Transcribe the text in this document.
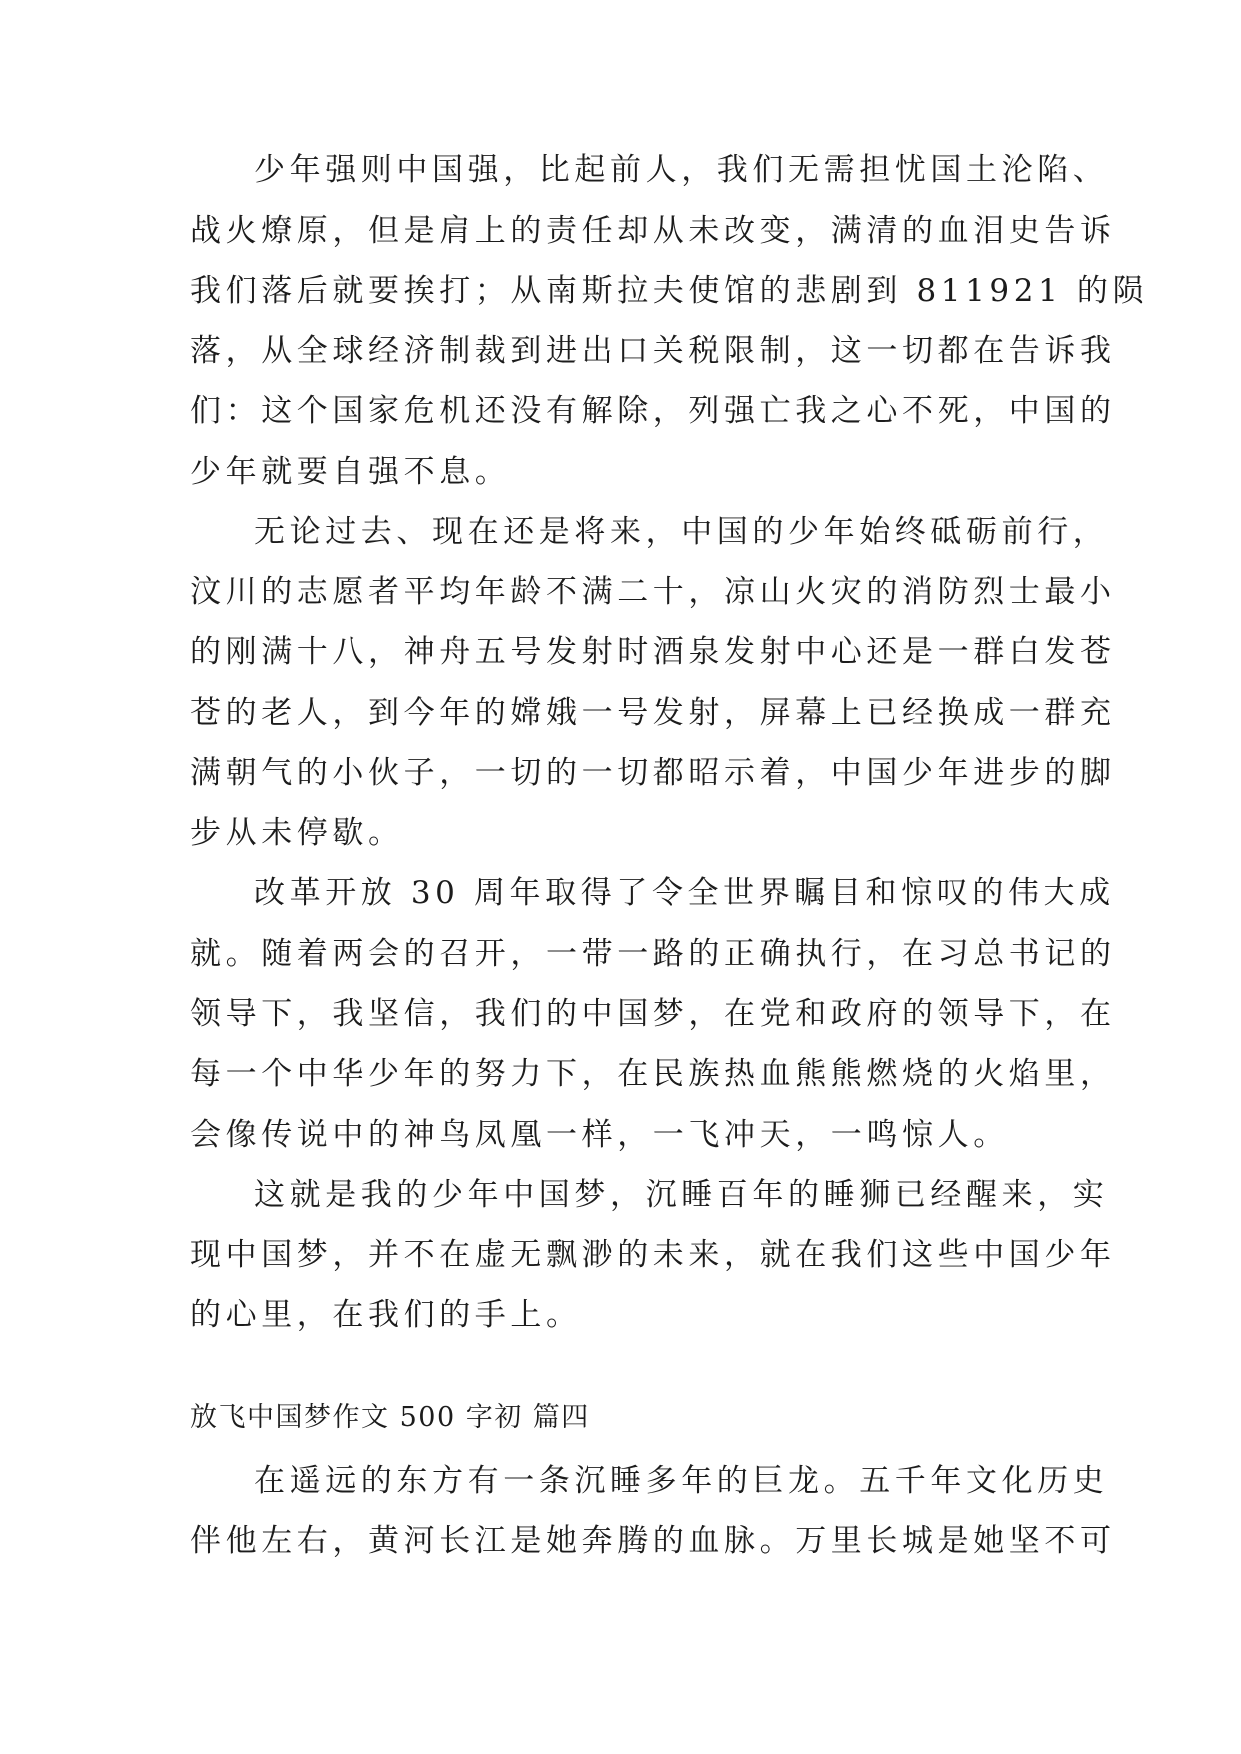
少年强则中国强，比起前人，我们无需担忧国土沦陷、
战火燎原，但是肩上的责任却从未改变，满清的血泪史告诉
我们落后就要挨打；从南斯拉夫使馆的悲剧到 811921 的陨
落，从全球经济制裁到进出口关税限制，这一切都在告诉我
们：这个国家危机还没有解除，列强亡我之心不死，中国的
少年就要自强不息。
无论过去、现在还是将来，中国的少年始终砥砺前行，
汶川的志愿者平均年龄不满二十，凉山火灾的消防烈士最小
的刚满十八，神舟五号发射时酒泉发射中心还是一群白发苍
苍的老人，到今年的嫦娥一号发射，屏幕上已经换成一群充
满朝气的小伙子，一切的一切都昭示着，中国少年进步的脚
步从未停歇。
改革开放 30 周年取得了令全世界瞩目和惊叹的伟大成
就。随着两会的召开，一带一路的正确执行，在习总书记的
领导下，我坚信，我们的中国梦，在党和政府的领导下，在
每一个中华少年的努力下，在民族热血熊熊燃烧的火焰里，
会像传说中的神鸟凤凰一样，一飞冲天，一鸣惊人。
这就是我的少年中国梦，沉睡百年的睡狮已经醒来，实
现中国梦，并不在虚无飘渺的未来，就在我们这些中国少年
的心里，在我们的手上。
放飞中国梦作文 500 字初 篇四
在遥远的东方有一条沉睡多年的巨龙。五千年文化历史
伴他左右，黄河长江是她奔腾的血脉。万里长城是她坚不可
